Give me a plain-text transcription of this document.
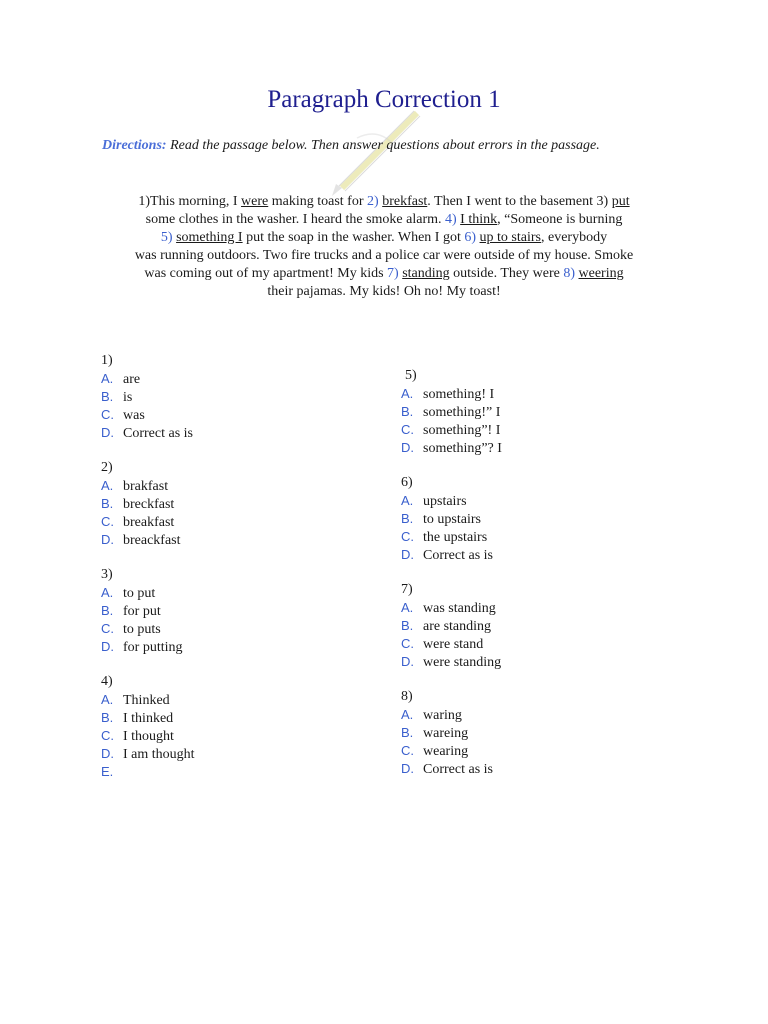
Paragraph Correction 1
Directions: Read the passage below. Then answer questions about errors in the passage.
1)This morning, I were making toast for 2) brekfast. Then I went to the basement 3) put
some clothes in the washer. I heard the smoke alarm. 4) I think, “Someone is burning
5) something I put the soap in the washer. When I got 6) up to stairs, everybody
was running outdoors. Two fire trucks and a police car were outside of my house. Smoke
was coming out of my apartment! My kids 7) standing outside. They were 8) weering
their pajamas. My kids! Oh no! My toast!
1)
A. are
B. is
C. was
D. Correct as is
2)
A. brakfast
B. breckfast
C. breakfast
D. breackfast
3)
A. to put
B. for put
C. to puts
D. for putting
4)
A. Thinked
B. I thinked
C. I thought
D. I am thought
E.
5)
A. something! I
B. something!” I
C. something”! I
D. something”? I
6)
A. upstairs
B. to upstairs
C. the upstairs
D. Correct as is
7)
A. was standing
B. are standing
C. were stand
D. were standing
8)
A. waring
B. wareing
C. wearing
D. Correct as is
